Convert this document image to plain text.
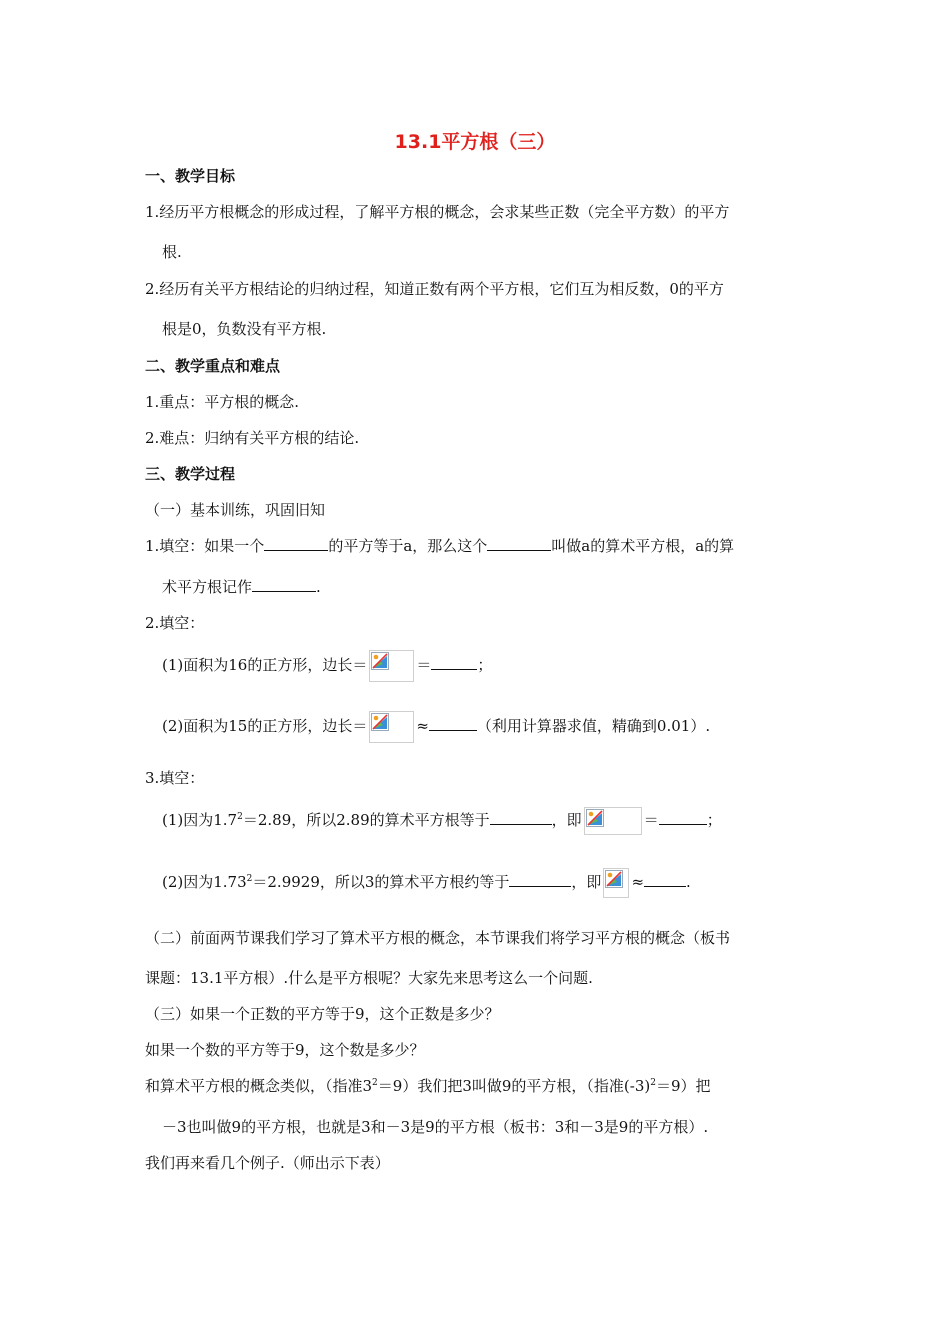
13.1平方根（三）
一、教学目标
1.经历平方根概念的形成过程，了解平方根的概念，会求某些正数（完全平方数）的平方
根.
2.经历有关平方根结论的归纳过程，知道正数有两个平方根，它们互为相反数，0的平方
根是0，负数没有平方根.
二、教学重点和难点
1.重点：平方根的概念.
2.难点：归纳有关平方根的结论.
三、教学过程
（一）基本训练，巩固旧知
1.填空：如果一个	的平方等于a，那么这个	叫做a的算术平方根，a的算
术平方根记作	.
2.填空：
(1)面积为16的正方形，边长＝	＝	；
(2)面积为15的正方形，边长＝	≈	（利用计算器求值，精确到0.01）.
3.填空：
(1)因为$1.7^2=2.89$，所以2.89的算术平方根等于	，即	＝	；
(2)因为$1.73^2=2.9929$，所以3的算术平方根约等于	，即 ≈	.
（二）前面两节课我们学习了算术平方根的概念，本节课我们将学习平方根的概念（板书
课题：13.1平方根）.什么是平方根呢？大家先来思考这么一个问题.
（三）如果一个正数的平方等于9，这个正数是多少？
如果一个数的平方等于9，这个数是多少？
和算术平方根的概念类似，（指准$3^2=9$）我们把3叫做9的平方根，（指准$(-3)^2=9$）把
－3也叫做9的平方根，也就是3和－3是9的平方根（板书：3和－3是9的平方根）.
我们再来看几个例子.（师出示下表）
